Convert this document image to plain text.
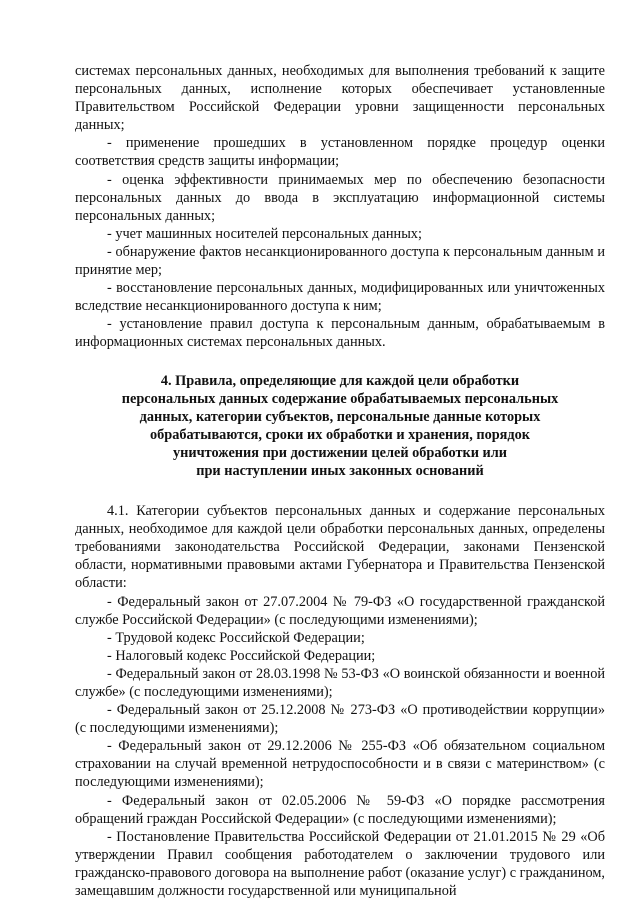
системах персональных данных, необходимых для выполнения требований к защите персональных данных, исполнение которых обеспечивает установленные Правительством Российской Федерации уровни защищенности персональных данных;

- применение прошедших в установленном порядке процедур оценки соответствия средств защиты информации;

- оценка эффективности принимаемых мер по обеспечению безопасности персональных данных до ввода в эксплуатацию информационной системы персональных данных;

- учет машинных носителей персональных данных;

- обнаружение фактов несанкционированного доступа к персональным данным и принятие мер;

- восстановление персональных данных, модифицированных или уничтоженных вследствие несанкционированного доступа к ним;

- установление правил доступа к персональным данным, обрабатываемым в информационных системах персональных данных.

4. Правила, определяющие для каждой цели обработки
персональных данных содержание обрабатываемых персональных
данных, категории субъектов, персональные данные которых
обрабатываются, сроки их обработки и хранения, порядок
уничтожения при достижении целей обработки или
при наступлении иных законных оснований

4.1. Категории субъектов персональных данных и содержание персональных данных, необходимое для каждой цели обработки персональных данных, определены требованиями законодательства Российской Федерации, законами Пензенской области, нормативными правовыми актами Губернатора и Правительства Пензенской области:

- Федеральный закон от 27.07.2004 № 79-ФЗ «О государственной гражданской службе Российской Федерации» (с последующими изменениями);

- Трудовой кодекс Российской Федерации;

- Налоговый кодекс Российской Федерации;

- Федеральный закон от 28.03.1998 № 53-ФЗ «О воинской обязанности и военной службе» (с последующими изменениями);

- Федеральный закон от 25.12.2008 № 273-ФЗ «О противодействии коррупции» (с последующими изменениями);

- Федеральный закон от 29.12.2006 № 255-ФЗ «Об обязательном социальном страховании на случай временной нетрудоспособности и в связи с материнством» (с последующими изменениями);

- Федеральный закон от 02.05.2006 № 59-ФЗ «О порядке рассмотрения обращений граждан Российской Федерации» (с последующими изменениями);

- Постановление Правительства Российской Федерации от 21.01.2015 № 29 «Об утверждении Правил сообщения работодателем о заключении трудового или гражданско-правового договора на выполнение работ (оказание услуг) с гражданином, замещавшим должности государственной или муниципальной
